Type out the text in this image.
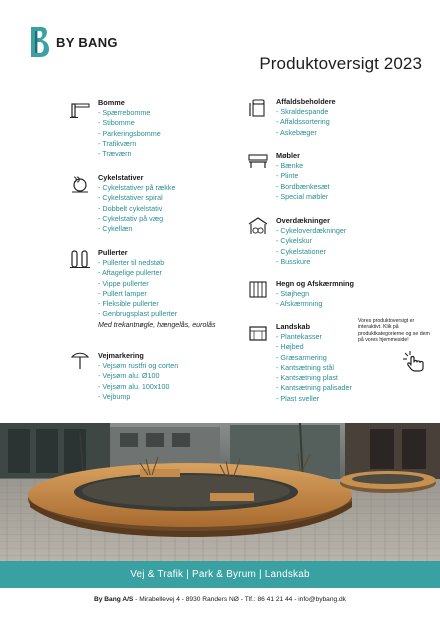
BY BANG
Produktoversigt 2023
Bomme
- Spærrebomme
- Stibomme
- Parkeringsbomme
- Trafikværn
- Træværn
Cykelstativer
- Cykelstativer på række
- Cykelstativer spiral
- Dobbelt cykelstativ
- Cykelstativ på væg
- Cykellæn
Pullerter
- Pullerter til nedstøb
- Aftagelige pullerter
- Vippe pullerter
- Pullert lamper
- Fleksible pullerter
- Genbrugsplast pullerter
Med trekantnøgle, hængelås, eurolås
Vejmarkering
- Vejsøm rustfri og corten
- Vejsøm alu. Ø100
- Vejsøm alu. 100x100
- Vejbump
Affaldsbeholdere
- Skraldespande
- Affaldssortering
- Askebæger
Møbler
- Bænke
- Plinte
- Bordbænkesæt
- Special møbler
Overdækninger
- Cykeloverdækninger
- Cykelskur
- Cykelstationer
- Busskure
Hegn og Afskærmning
- Støjhegn
- Afskærmning
Landskab
- Plantekasser
- Højbed
- Græsarmering
- Kantsætning stål
- Kantsætning plast
- Kantsætning palisader
- Plast sveller
Vores produktoversigt er interaktivt. Klik på produktkategorierne og se dem på vores hjemmeside!
Vej & Trafik | Park & Byrum | Landskab
By Bang A/S - Mirabellevej 4 - 8930 Randers NØ - Tlf.: 86 41 21 44 - info@bybang.dk
